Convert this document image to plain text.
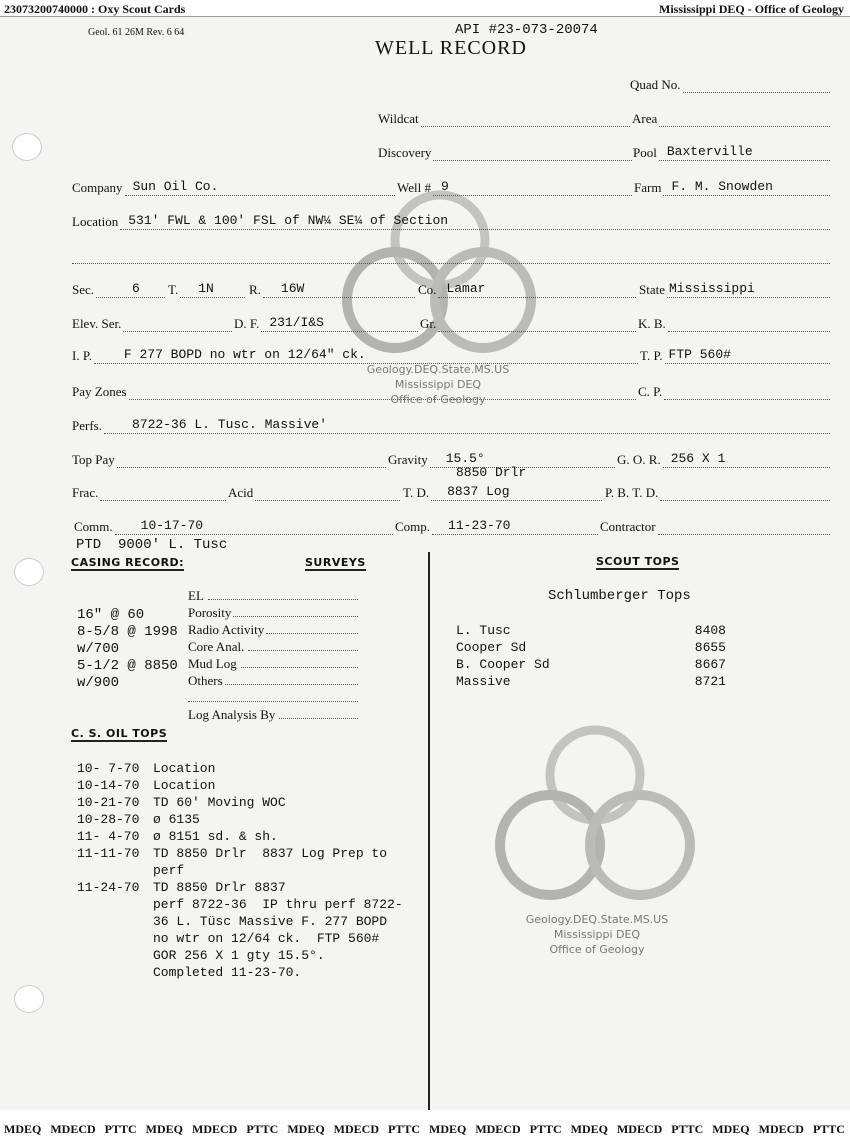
23073200740000 : Oxy Scout Cards	Mississippi DEQ - Office of Geology
Geology.DEQ.State.MS.US
Mississippi DEQ
Office of Geology
Geology.DEQ.State.MS.US
Mississippi DEQ
Office of Geology
Geol. 61 26M Rev. 6 64	API #23-073-20074
WELL RECORD
Quad No.
Wildcat	Area
Discovery	Pool Baxterville
Company Sun Oil Co.	Well # 9	Farm F. M. Snowden
Location 531' FWL & 100' FSL of NW¼ SE¼ of Section
Sec.	6 T. 1N	R. 16W	Co. Lamar	State Mississippi
Elev. Ser.	D. F. 231/I&S	Gr.	K. B.
I. P. F 277 BOPD no wtr on 12/64" ck.	T. P. FTP 560#
Pay Zones	C. P.
Perfs. 8722-36 L. Tusc. Massive'
Top Pay	Gravity 15.5°	G. O. R. 256 X 1
8850 Drlr
Frac.	Acid	T. D. 8837 Log	P. B. T. D.
Comm. 10-17-70	Comp. 11-23-70	Contractor
PTD  9000' L. Tusc
CASING RECORD:

16" @ 60
8-5/8 @ 1998
w/700
5-1/2 @ 8850
w/900

SURVEYS
EL
Porosity
Radio Activity
Core Anal.
Mud Log
Others
Log Analysis By
C. S. OIL TOPS
10- 7-70	Location
10-14-70	Location
10-21-70	TD 60' Moving WOC
10-28-70	ø 6135
11- 4-70	ø 8151 sd. & sh.
11-11-70	TD 8850 Drlr  8837 Log Prep to
perf
11-24-70	TD 8850 Drlr 8837
perf 8722-36  IP thru perf 8722-
36 L. Tüsc Massive F. 277 BOPD
no wtr on 12/64 ck.  FTP 560#
GOR 256 X 1 gty 15.5°.
Completed 11-23-70.
SCOUT TOPS
Schlumberger Tops
L. Tusc	8408
Cooper Sd	8655
B. Cooper Sd	8667
Massive	8721
MDEQ MDECD PTTC MDEQ MDECD PTTC MDEQ MDECD PTTC MDEQ MDECD PTTC MDEQ MDECD PTTC MDEQ MDECD PTTC
